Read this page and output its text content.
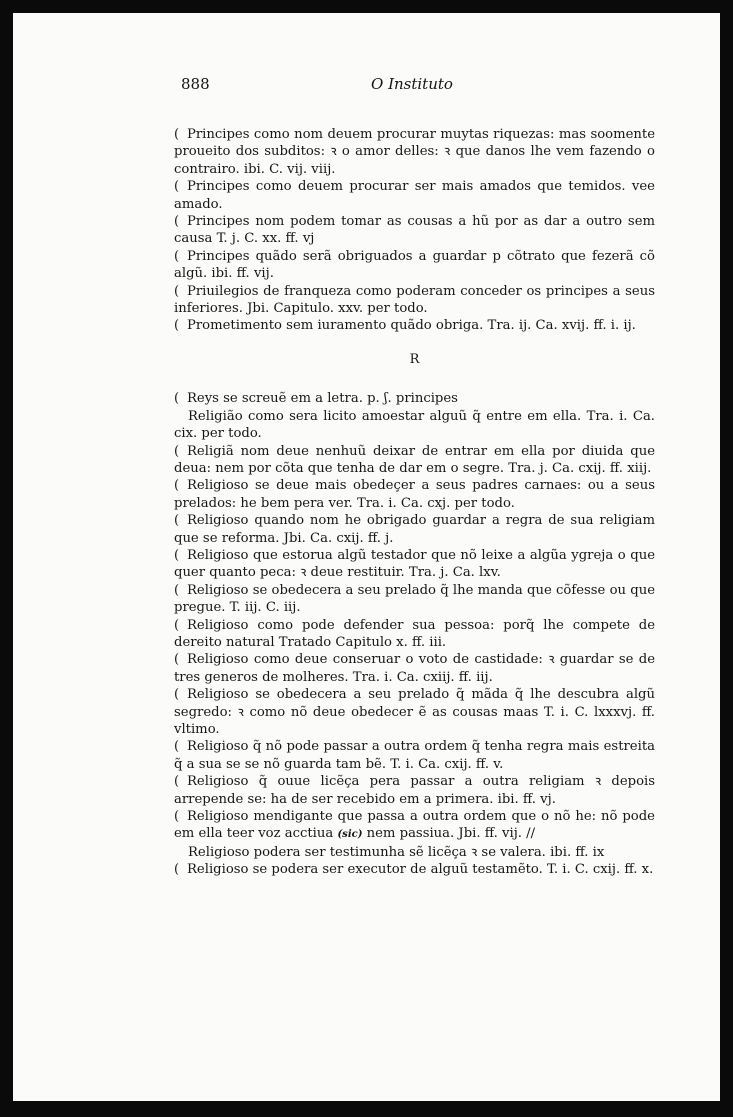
888	O Instituto

( Principes como nom deuem procurar muytas riquezas: mas soomente proueito dos subditos: ꝛ o amor delles: ꝛ que danos lhe vem fazendo o contrairo. ibi. C. vij. viij.

( Principes como deuem procurar ser mais amados que temidos. vee amado.

( Principes nom podem tomar as cousas a hũ por as dar a outro sem causa T. j. C. xx. ff. vj

( Principes quãdo serã obriguados a guardar p cõtrato que fezerã cõ algũ. ibi. ff. vij.

( Priuilegios de franqueza como poderam conceder os principes a seus inferiores. Jbi. Capitulo. xxv. per todo.

( Prometimento sem iuramento quãdo obriga. Tra. ij. Ca. xvij. ff. i. ij.

R

( Reys se screuẽ em a letra. p. ʃ. principes

Religião como sera licito amoestar alguũ q̃ entre em ella. Tra. i. Ca. cix. per todo.

( Religiã nom deue nenhuũ deixar de entrar em ella por diuida que deua: nem por cõta que tenha de dar em o segre. Tra. j. Ca. cxij. ff. xiij.

( Religioso se deue mais obedeçer a seus padres carnaes: ou a seus prelados: he bem pera ver. Tra. i. Ca. cxj. per todo.

( Religioso quando nom he obrigado guardar a regra de sua religiam que se reforma. Jbi. Ca. cxij. ff. j.

( Religioso que estorua algũ testador que nõ leixe a algũa ygreja o que quer quanto peca: ꝛ deue restituir. Tra. j. Ca. lxv.

( Religioso se obedecera a seu prelado q̃ lhe manda que cõfesse ou que pregue. T. iij. C. iij.

( Religioso como pode defender sua pessoa: porq̃ lhe compete de dereito natural Tratado Capitulo x. ff. iii.

( Religioso como deue conseruar o voto de castidade: ꝛ guardar se de tres generos de molheres. Tra. i. Ca. cxiij. ff. iij.

( Religioso se obedecera a seu prelado q̃ mãda q̃ lhe descubra algũ segredo: ꝛ como nõ deue obedecer ẽ as cousas maas T. i. C. lxxxvj. ff. vltimo.

( Religioso q̃ nõ pode passar a outra ordem q̃ tenha regra mais estreita q̃ a sua se se nõ guarda tam bẽ. T. i. Ca. cxij. ff. v.

( Religioso q̃ ouue licẽça pera passar a outra religiam ꝛ depois arrepende se: ha de ser recebido em a primera. ibi. ff. vj.

( Religioso mendigante que passa a outra ordem que o nõ he: nõ pode em ella teer voz acctiua (sic) nem passiua. Jbi. ff. vij. //

Religioso podera ser testimunha sẽ licẽça ꝛ se valera. ibi. ff. ix

( Religioso se podera ser executor de alguũ testamẽto. T. i. C. cxij. ff. x.
